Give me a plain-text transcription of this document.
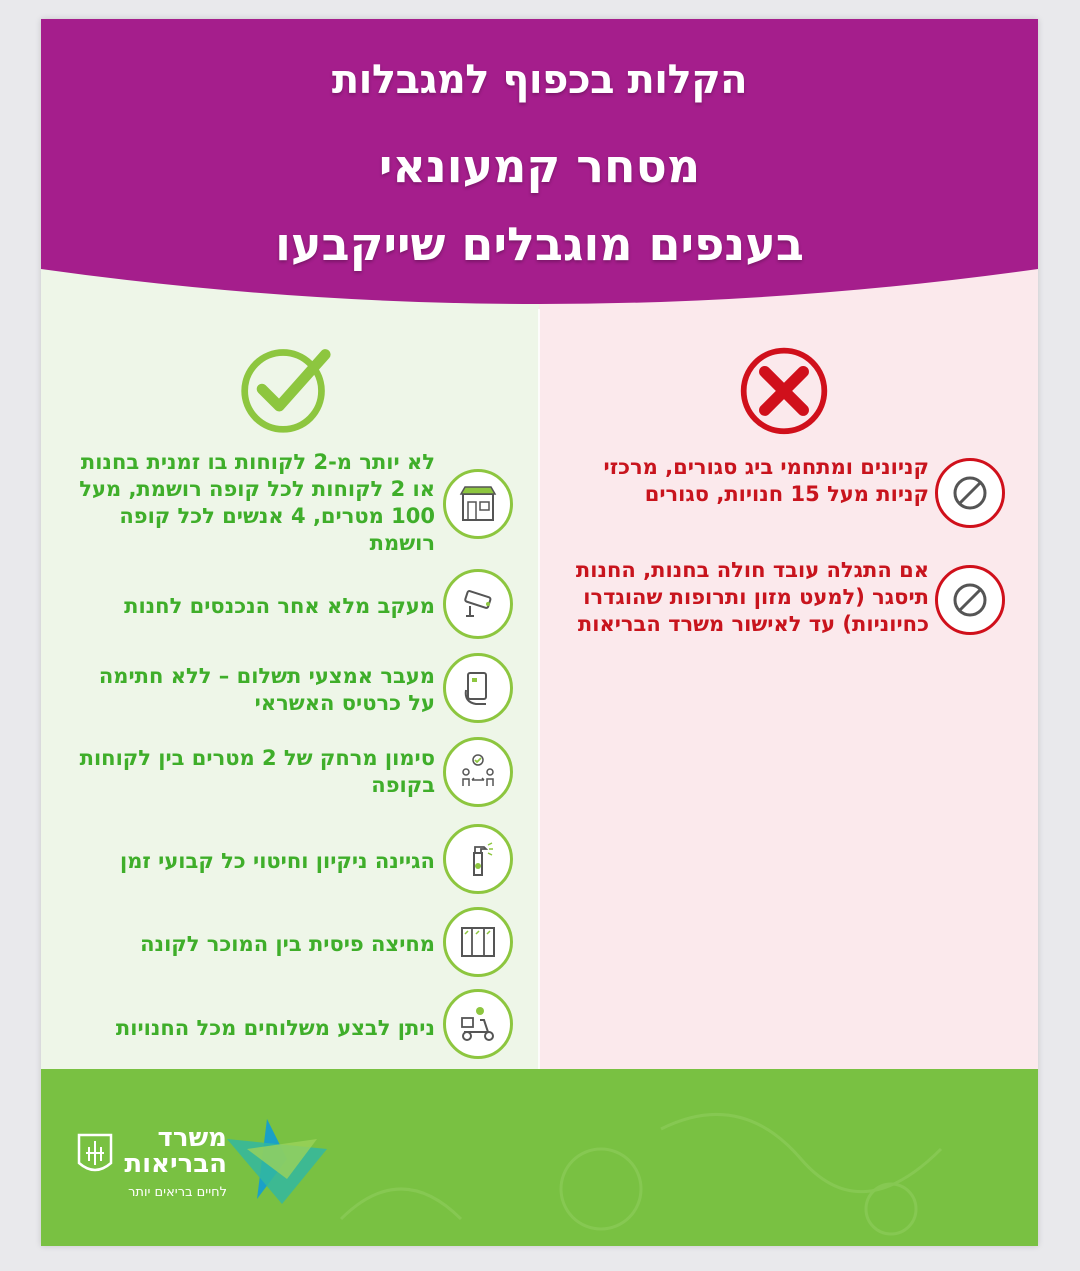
הקלות בכפוף למגבלות
מסחר קמעונאי
בענפים מוגבלים שייקבעו
לא יותר מ-2 לקוחות בו זמנית בחנות או 2 לקוחות לכל קופה רושמת, מעל 100 מטרים, 4 אנשים לכל קופה רושמת
מעקב מלא אחר הנכנסים לחנות
מעבר אמצעי תשלום – ללא חתימה על כרטיס האשראי
סימון מרחק של 2 מטרים בין לקוחות בקופה
הגיינה ניקיון וחיטוי כל קבועי זמן
מחיצה פיסית בין המוכר לקונה
ניתן לבצע משלוחים מכל החנויות
קניונים ומתחמי ביג סגורים, מרכזי קניות מעל 15 חנויות, סגורים
אם התגלה עובד חולה בחנות, החנות תיסגר (למעט מזון ותרופות שהוגדרו כחיוניות) עד לאישור משרד הבריאות
משרד
הבריאות
לחיים בריאים יותר
